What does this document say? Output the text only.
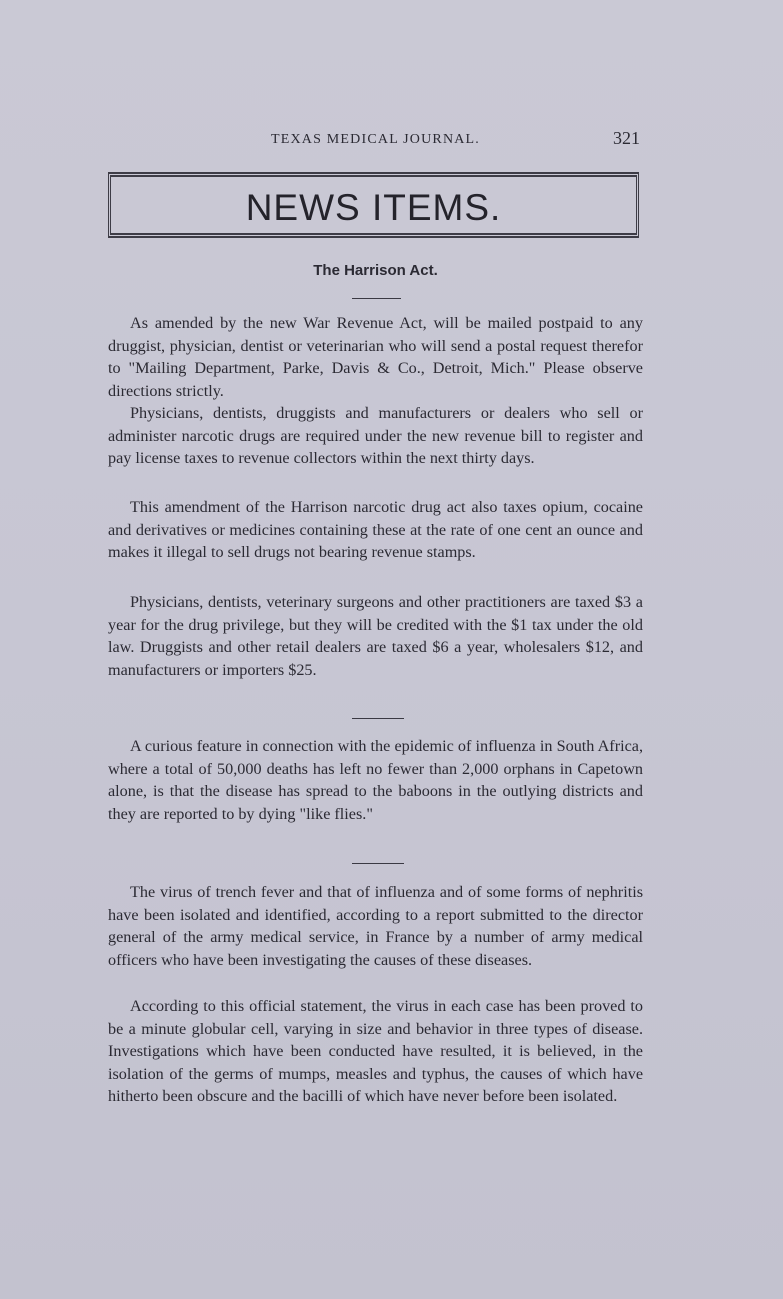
TEXAS MEDICAL JOURNAL.	321
NEWS ITEMS.
The Harrison Act.

As amended by the new War Revenue Act, will be mailed postpaid to any druggist, physician, dentist or veterinarian who will send a postal request therefor to "Mailing Department, Parke, Davis & Co., Detroit, Mich." Please observe directions strictly.

Physicians, dentists, druggists and manufacturers or dealers who sell or administer narcotic drugs are required under the new revenue bill to register and pay license taxes to revenue collectors within the next thirty days.

This amendment of the Harrison narcotic drug act also taxes opium, cocaine and derivatives or medicines containing these at the rate of one cent an ounce and makes it illegal to sell drugs not bearing revenue stamps.

Physicians, dentists, veterinary surgeons and other practitioners are taxed $3 a year for the drug privilege, but they will be credited with the $1 tax under the old law. Druggists and other retail dealers are taxed $6 a year, wholesalers $12, and manufacturers or importers $25.

A curious feature in connection with the epidemic of influenza in South Africa, where a total of 50,000 deaths has left no fewer than 2,000 orphans in Capetown alone, is that the disease has spread to the baboons in the outlying districts and they are reported to by dying "like flies."

The virus of trench fever and that of influenza and of some forms of nephritis have been isolated and identified, according to a report submitted to the director general of the army medical service, in France by a number of army medical officers who have been investigating the causes of these diseases.

According to this official statement, the virus in each case has been proved to be a minute globular cell, varying in size and behavior in three types of disease. Investigations which have been conducted have resulted, it is believed, in the isolation of the germs of mumps, measles and typhus, the causes of which have hitherto been obscure and the bacilli of which have never before been isolated.
